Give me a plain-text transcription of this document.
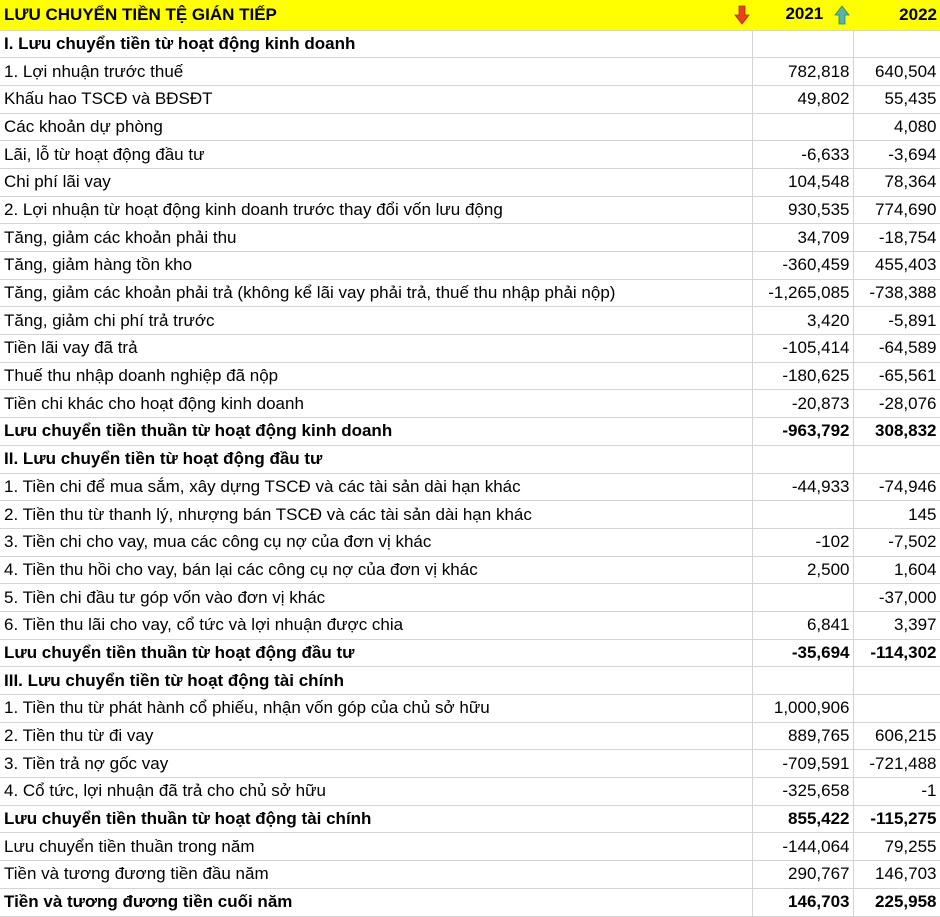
LƯU CHUYỂN TIỀN TỆ GIÁN TIẾP	2021	2022
I. Lưu chuyển tiền từ hoạt động kinh doanh		
1. Lợi nhuận trước thuế	782,818	640,504
Khấu hao TSCĐ và BĐSĐT	49,802	55,435
Các khoản dự phòng		4,080
Lãi, lỗ từ hoạt động đầu tư	-6,633	-3,694
Chi phí lãi vay	104,548	78,364
2. Lợi nhuận từ hoạt động kinh doanh trước thay đổi vốn lưu động	930,535	774,690
Tăng, giảm các khoản phải thu	34,709	-18,754
Tăng, giảm hàng tồn kho	-360,459	455,403
Tăng, giảm các khoản phải trả (không kể lãi vay phải trả, thuế thu nhập phải nộp)	-1,265,085	-738,388
Tăng, giảm chi phí trả trước	3,420	-5,891
Tiền lãi vay đã trả	-105,414	-64,589
Thuế thu nhập doanh nghiệp đã nộp	-180,625	-65,561
Tiền chi khác cho hoạt động kinh doanh	-20,873	-28,076
Lưu chuyển tiền thuần từ hoạt động kinh doanh	-963,792	308,832
II. Lưu chuyển tiền từ hoạt động đầu tư		
1. Tiền chi để mua sắm, xây dựng TSCĐ và các tài sản dài hạn khác	-44,933	-74,946
2. Tiền thu từ thanh lý, nhượng bán TSCĐ và các tài sản dài hạn khác		145
3. Tiền chi cho vay, mua các công cụ nợ của đơn vị khác	-102	-7,502
4. Tiền thu hồi cho vay, bán lại các công cụ nợ của đơn vị khác	2,500	1,604
5. Tiền chi đầu tư góp vốn vào đơn vị khác		-37,000
6. Tiền thu lãi cho vay, cổ tức và lợi nhuận được chia	6,841	3,397
Lưu chuyển tiền thuần từ hoạt động đầu tư	-35,694	-114,302
III. Lưu chuyển tiền từ hoạt động tài chính		
1. Tiền thu từ phát hành cổ phiếu, nhận vốn góp của chủ sở hữu	1,000,906	
2. Tiền thu từ đi vay	889,765	606,215
3. Tiền trả nợ gốc vay	-709,591	-721,488
4. Cổ tức, lợi nhuận đã trả cho chủ sở hữu	-325,658	-1
Lưu chuyển tiền thuần từ hoạt động tài chính	855,422	-115,275
Lưu chuyển tiền thuần trong năm	-144,064	79,255
Tiền và tương đương tiền đầu năm	290,767	146,703
Tiền và tương đương tiền cuối năm	146,703	225,958
